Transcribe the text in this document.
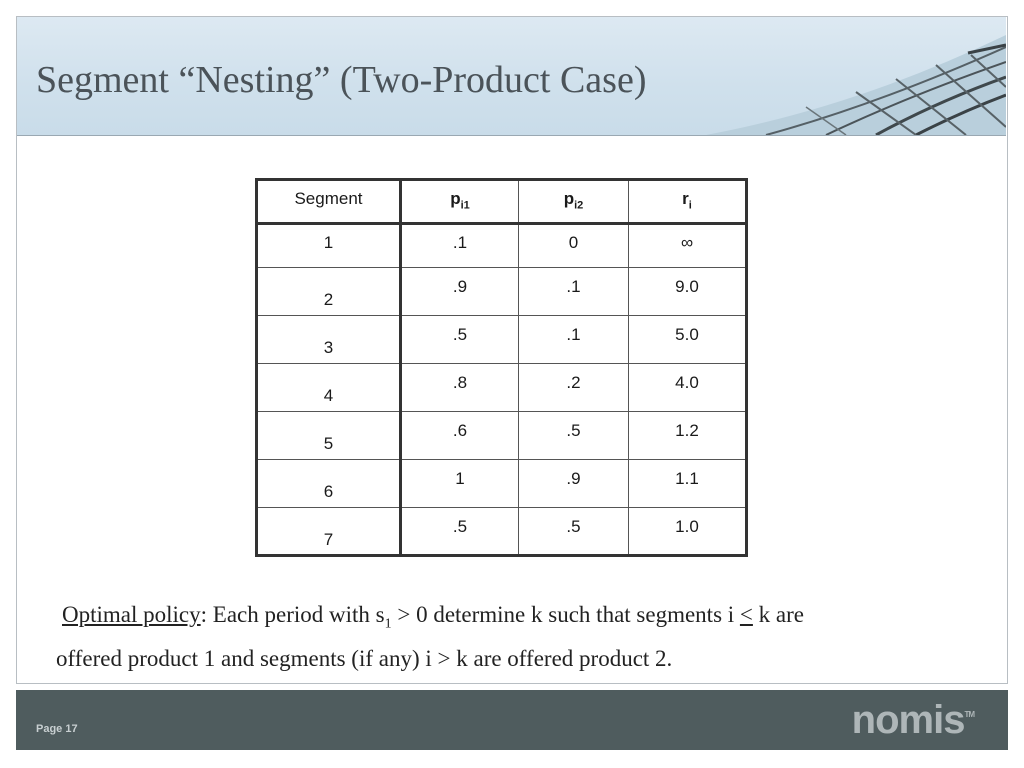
Segment “Nesting” (Two-Product Case)
Segment	$p_{i1}$	$p_{i2}$	$r_i$
1	.1	0	∞
2	.9	.1	9.0
3	.5	.1	5.0
4	.8	.2	4.0
5	.6	.5	1.2
6	1	.9	1.1
7	.5	.5	1.0
Optimal policy: Each period with $s_1 > 0$ determine k such that segments i ≤ k are
offered product 1 and segments (if any) i > k are offered product 2.
Page 17	nomis™
